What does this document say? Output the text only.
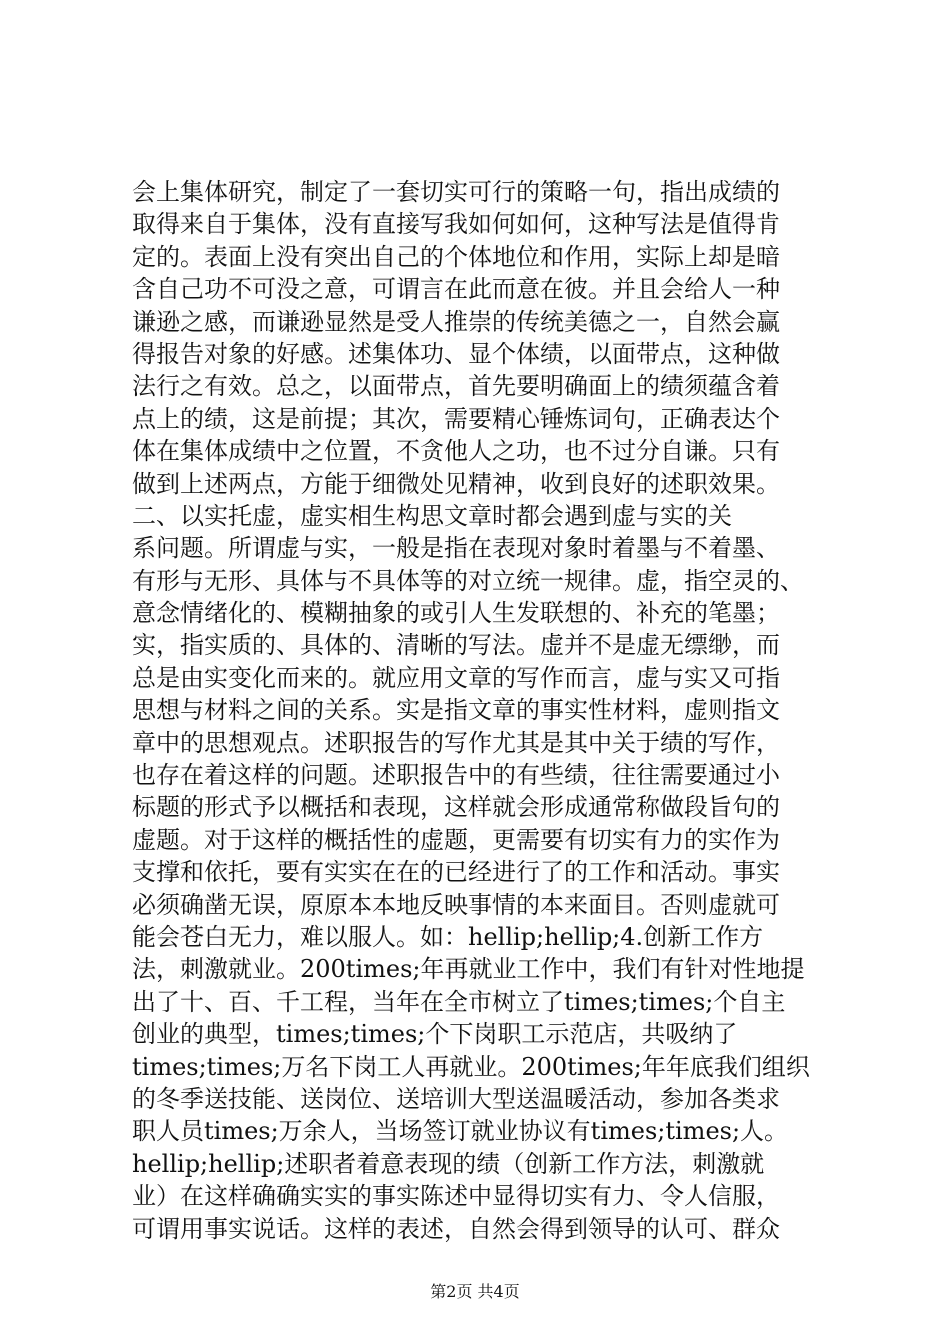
会上集体研究，制定了一套切实可行的策略一句，指出成绩的
取得来自于集体，没有直接写我如何如何，这种写法是值得肯
定的。表面上没有突出自己的个体地位和作用，实际上却是暗
含自己功不可没之意，可谓言在此而意在彼。并且会给人一种
谦逊之感，而谦逊显然是受人推崇的传统美德之一，自然会赢
得报告对象的好感。述集体功、显个体绩，以面带点，这种做
法行之有效。总之，以面带点，首先要明确面上的绩须蕴含着
点上的绩，这是前提；其次，需要精心锤炼词句，正确表达个
体在集体成绩中之位置，不贪他人之功，也不过分自谦。只有
做到上述两点，方能于细微处见精神，收到良好的述职效果。
二、以实托虚，虚实相生构思文章时都会遇到虚与实的关
系问题。所谓虚与实，一般是指在表现对象时着墨与不着墨、
有形与无形、具体与不具体等的对立统一规律。虚，指空灵的、
意念情绪化的、模糊抽象的或引人生发联想的、补充的笔墨；
实，指实质的、具体的、清晰的写法。虚并不是虚无缥缈，而
总是由实变化而来的。就应用文章的写作而言，虚与实又可指
思想与材料之间的关系。实是指文章的事实性材料，虚则指文
章中的思想观点。述职报告的写作尤其是其中关于绩的写作，
也存在着这样的问题。述职报告中的有些绩，往往需要通过小
标题的形式予以概括和表现，这样就会形成通常称做段旨句的
虚题。对于这样的概括性的虚题，更需要有切实有力的实作为
支撑和依托，要有实实在在的已经进行了的工作和活动。事实
必须确凿无误，原原本本地反映事情的本来面目。否则虚就可
能会苍白无力，难以服人。如：hellip;hellip;4.创新工作方
法，刺激就业。200times;年再就业工作中，我们有针对性地提
出了十、百、千工程，当年在全市树立了times;times;个自主
创业的典型，times;times;个下岗职工示范店，共吸纳了
times;times;万名下岗工人再就业。200times;年年底我们组织
的冬季送技能、送岗位、送培训大型送温暖活动，参加各类求
职人员times;万余人，当场签订就业协议有times;times;人。
hellip;hellip;述职者着意表现的绩（创新工作方法，刺激就
业）在这样确确实实的事实陈述中显得切实有力、令人信服，
可谓用事实说话。这样的表述，自然会得到领导的认可、群众
第2页 共4页
